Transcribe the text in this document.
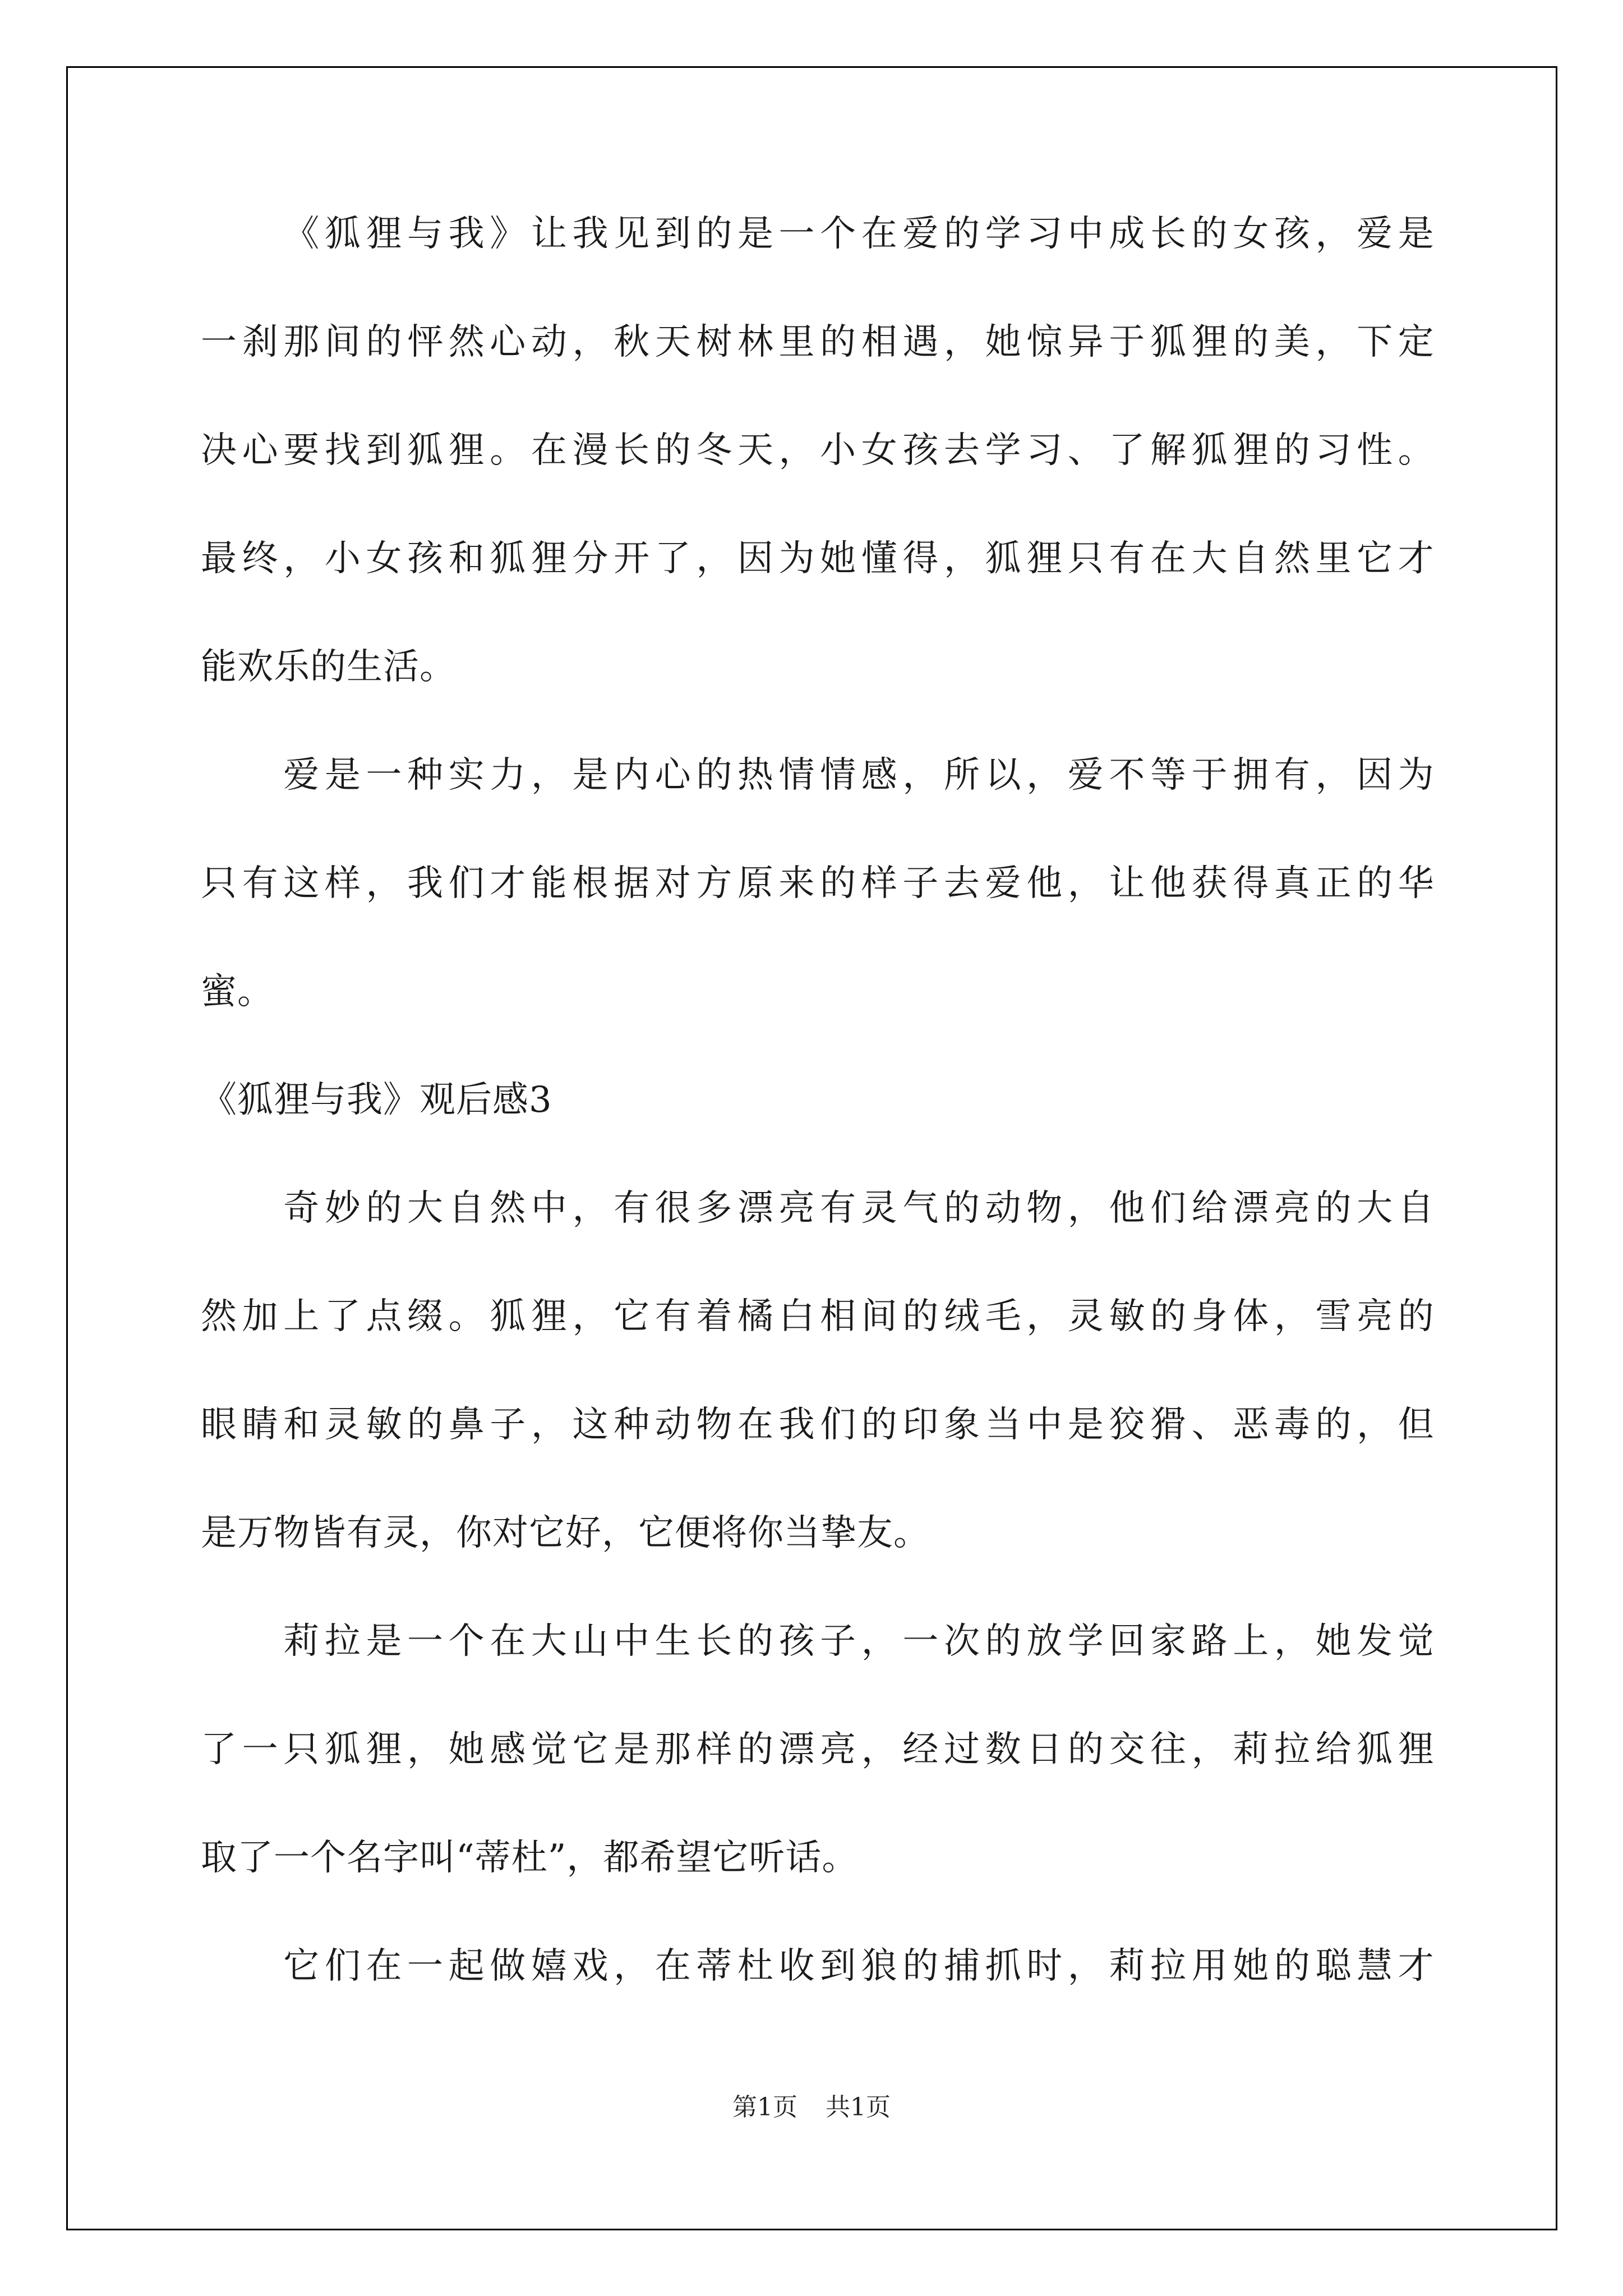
《 狐 狸 与 我 》 让 我 见 到 的 是 一 个 在 爱 的 学 习 中 成 长 的 女 孩 ， 爱 是
一 刹 那 间 的 怦 然 心 动 ， 秋 天 树 林 里 的 相 遇 ， 她 惊 异 于 狐 狸 的 美 ， 下 定
决 心 要 找 到 狐 狸 。 在 漫 长 的 冬 天 ， 小 女 孩 去 学 习 、 了 解 狐 狸 的 习 性 。
最 终 ， 小 女 孩 和 狐 狸 分 开 了 ， 因 为 她 懂 得 ， 狐 狸 只 有 在 大 自 然 里 它 才
能欢乐的生活。

爱 是 一 种 实 力 ， 是 内 心 的 热 情 情 感 ， 所 以 ， 爱 不 等 于 拥 有 ， 因 为
只 有 这 样 ， 我 们 才 能 根 据 对 方 原 来 的 样 子 去 爱 他 ， 让 他 获 得 真 正 的 华
蜜。
《狐狸与我》观后感3

奇 妙 的 大 自 然 中 ， 有 很 多 漂 亮 有 灵 气 的 动 物 ， 他 们 给 漂 亮 的 大 自
然 加 上 了 点 缀 。 狐 狸 ， 它 有 着 橘 白 相 间 的 绒 毛 ， 灵 敏 的 身 体 ， 雪 亮 的
眼 睛 和 灵 敏 的 鼻 子 ， 这 种 动 物 在 我 们 的 印 象 当 中 是 狡 猾 、 恶 毒 的 ， 但
是万物皆有灵，你对它好，它便将你当挚友。

莉 拉 是 一 个 在 大 山 中 生 长 的 孩 子 ， 一 次 的 放 学 回 家 路 上 ， 她 发 觉
了 一 只 狐 狸 ， 她 感 觉 它 是 那 样 的 漂 亮 ， 经 过 数 日 的 交 往 ， 莉 拉 给 狐 狸
取了一个名字叫“蒂杜”，都希望它听话。

它 们 在 一 起 做 嬉 戏 ， 在 蒂 杜 收 到 狼 的 捕 抓 时 ， 莉 拉 用 她 的 聪 慧 才
第1页 共1页
